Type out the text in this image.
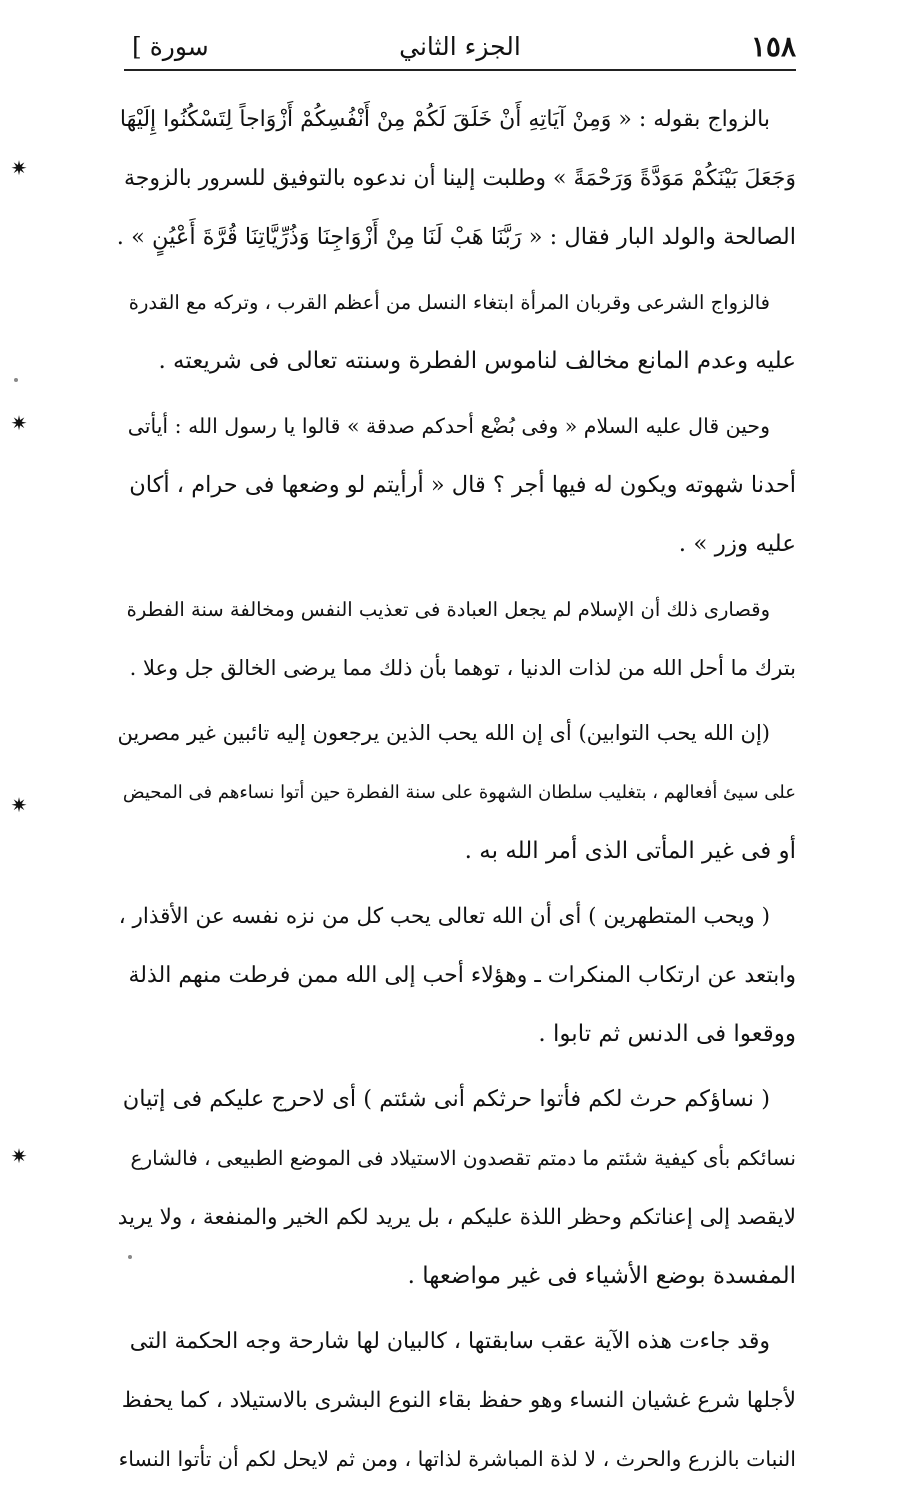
[ سورة	الجزء الثاني	١٥٨
بالزواج بقوله : « وَمِنْ آيَاتِهِ أَنْ خَلَقَ لَكُمْ مِنْ أَنْفُسِكُمْ أَزْوَاجاً لِتَسْكُنُوا إِلَيْهَا
وَجَعَلَ بَيْنَكُمْ مَوَدَّةً وَرَحْمَةً » وطلبت إلينا أن ندعوه بالتوفيق للسرور بالزوجة
الصالحة والولد البار فقال : « رَبَّنَا هَبْ لَنَا مِنْ أَزْوَاجِنَا وَذُرِّيَّاتِنَا قُرَّةَ أَعْيُنٍ » .
فالزواج الشرعى وقربان المرأة ابتغاء النسل من أعظم القرب ، وتركه مع القدرة
عليه وعدم المانع مخالف لناموس الفطرة وسنته تعالى فى شريعته .
وحين قال عليه السلام « وفى بُضْع أحدكم صدقة » قالوا يا رسول الله : أيأتى
أحدنا شهوته ويكون له فيها أجر ؟ قال « أرأيتم لو وضعها فى حرام ، أكان
عليه وزر » .
وقصارى ذلك أن الإسلام لم يجعل العبادة فى تعذيب النفس ومخالفة سنة الفطرة
بترك ما أحل الله من لذات الدنيا ، توهما بأن ذلك مما يرضى الخالق جل وعلا .
(إن الله يحب التوابين) أى إن الله يحب الذين يرجعون إليه تائبين غير مصرين
على سيئ أفعالهم ، بتغليب سلطان الشهوة على سنة الفطرة حين أتوا نساءهم فى المحيض
أو فى غير المأتى الذى أمر الله به .
( ويحب المتطهرين ) أى أن الله تعالى يحب كل من نزه نفسه عن الأقذار ،
وابتعد عن ارتكاب المنكرات ـ وهؤلاء أحب إلى الله ممن فرطت منهم الذلة
ووقعوا فى الدنس ثم تابوا .
( نساؤكم حرث لكم فأتوا حرثكم أنى شئتم ) أى لاحرج عليكم فى إتيان
نسائكم بأى كيفية شئتم ما دمتم تقصدون الاستيلاد فى الموضع الطبيعى ، فالشارع
لايقصد إلى إعناتكم وحظر اللذة عليكم ، بل يريد لكم الخير والمنفعة ، ولا يريد
المفسدة بوضع الأشياء فى غير مواضعها .
وقد جاءت هذه الآية عقب سابقتها ، كالبيان لها شارحة وجه الحكمة التى
لأجلها شرع غشيان النساء وهو حفظ بقاء النوع البشرى بالاستيلاد ، كما يحفظ
النبات بالزرع والحرث ، لا لذة المباشرة لذاتها ، ومن ثم لايحل لكم أن تأتوا النساء
✷
✷
✷
✷
